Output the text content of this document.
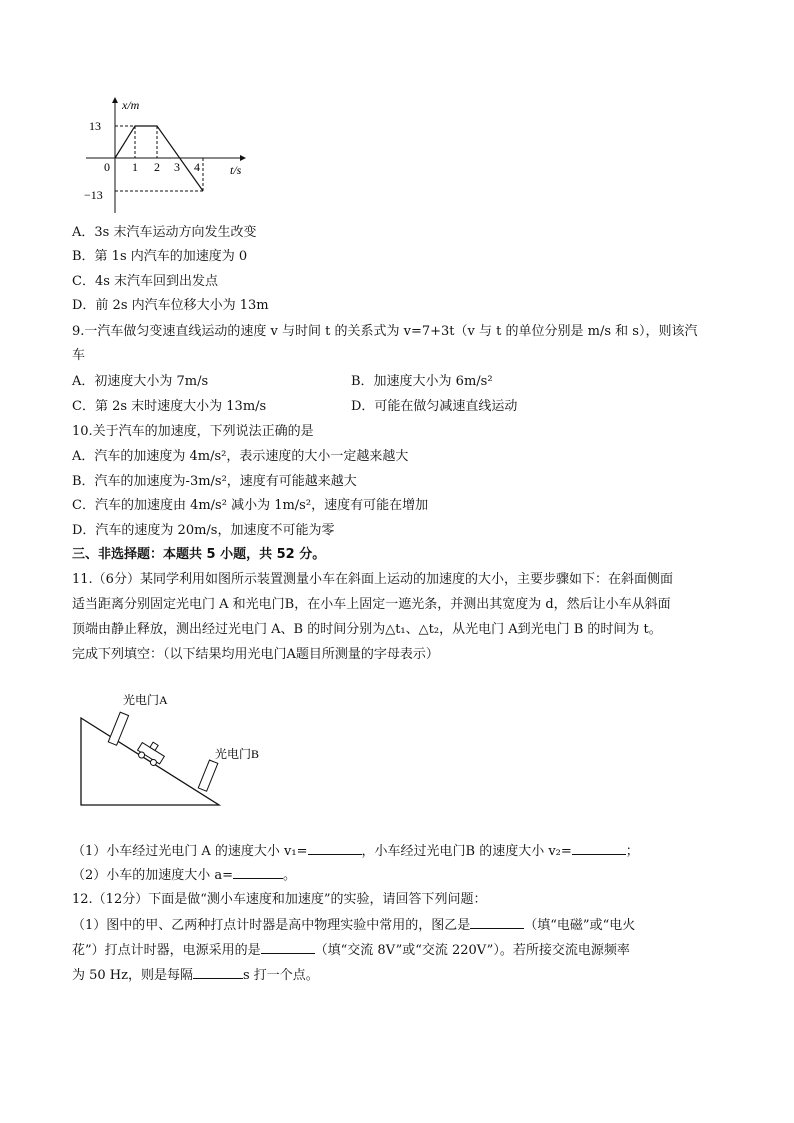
x/m
t/s
13
−13
0 1 2 3 4
A．3s 末汽车运动方向发生改变
B．第 1s 内汽车的加速度为 0
C．4s 末汽车回到出发点
D．前 2s 内汽车位移大小为 13m
9.一汽车做匀变速直线运动的速度 v 与时间 t 的关系式为 v=7+3t（v 与 t 的单位分别是 m/s 和 s），则该汽
车
A．初速度大小为 7m/s	B．加速度大小为 6m/s²
C．第 2s 末时速度大小为 13m/s	D．可能在做匀减速直线运动
10.关于汽车的加速度，下列说法正确的是
A．汽车的加速度为 4m/s²，表示速度的大小一定越来越大
B．汽车的加速度为-3m/s²，速度有可能越来越大
C．汽车的加速度由 4m/s² 减小为 1m/s²，速度有可能在增加
D．汽车的速度为 20m/s，加速度不可能为零
三、非选择题：本题共 5 小题，共 52 分。
11.（6分）某同学利用如图所示装置测量小车在斜面上运动的加速度的大小，主要步骤如下：在斜面侧面
适当距离分别固定光电门 A 和光电门B，在小车上固定一遮光条，并测出其宽度为 d，然后让小车从斜面
顶端由静止释放，测出经过光电门 A、B 的时间分别为△t₁、△t₂，从光电门 A到光电门 B 的时间为 t。
完成下列填空：（以下结果均用光电门A题目所测量的字母表示）
光电门A
光电门B
（1）小车经过光电门 A 的速度大小 v₁=	，小车经过光电门B 的速度大小 v₂=	；
（2）小车的加速度大小 a=	。
12.（12分）下面是做“测小车速度和加速度”的实验，请回答下列问题：
（1）图中的甲、乙两种打点计时器是高中物理实验中常用的，图乙是	（填“电磁”或“电火
花”）打点计时器，电源采用的是	（填“交流 8V”或“交流 220V”）。若所接交流电源频率
为 50 Hz，则是每隔	s 打一个点。
